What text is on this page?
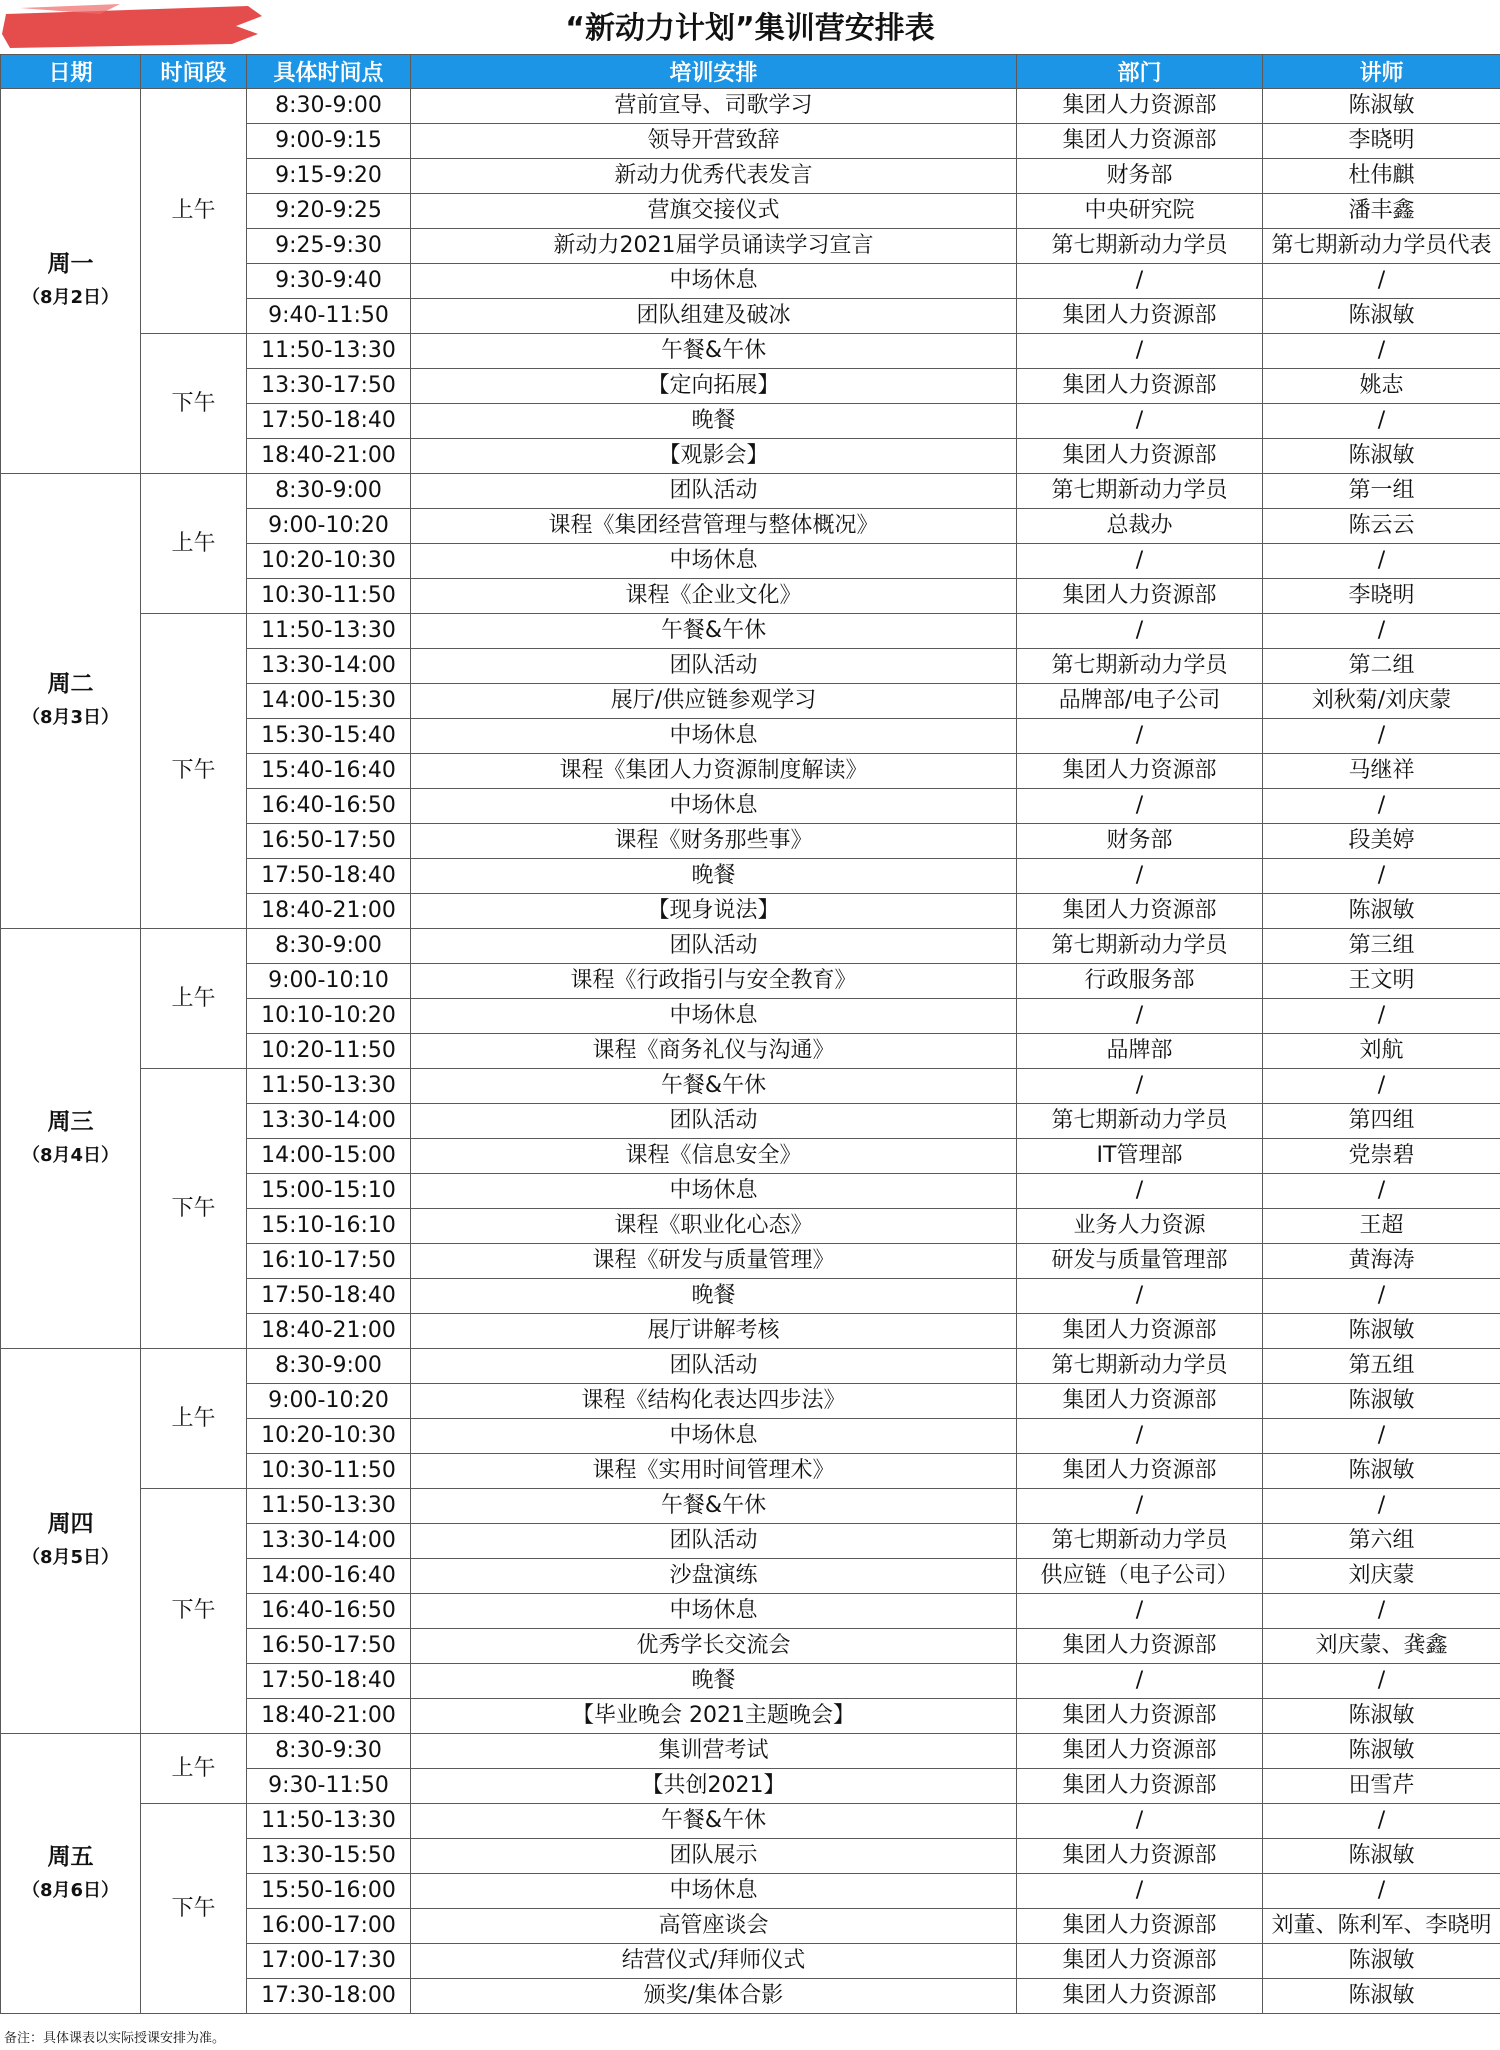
“新动力计划”集训营安排表
日期	时间段	具体时间点	培训安排	部门	讲师

周一
（8月2日）	上午	8:30-9:00	营前宣导、司歌学习	集团人力资源部	陈淑敏
		9:00-9:15	领导开营致辞	集团人力资源部	李晓明
		9:15-9:20	新动力优秀代表发言	财务部	杜伟麒
		9:20-9:25	营旗交接仪式	中央研究院	潘丰鑫
		9:25-9:30	新动力2021届学员诵读学习宣言	第七期新动力学员	第七期新动力学员代表
		9:30-9:40	中场休息	/	/
		9:40-11:50	团队组建及破冰	集团人力资源部	陈淑敏
	下午	11:50-13:30	午餐&午休	/	/
		13:30-17:50	【定向拓展】	集团人力资源部	姚志
		17:50-18:40	晚餐	/	/
		18:40-21:00	【观影会】	集团人力资源部	陈淑敏

周二
（8月3日）	上午	8:30-9:00	团队活动	第七期新动力学员	第一组
		9:00-10:20	课程《集团经营管理与整体概况》	总裁办	陈云云
		10:20-10:30	中场休息	/	/
		10:30-11:50	课程《企业文化》	集团人力资源部	李晓明
	下午	11:50-13:30	午餐&午休	/	/
		13:30-14:00	团队活动	第七期新动力学员	第二组
		14:00-15:30	展厅/供应链参观学习	品牌部/电子公司	刘秋菊/刘庆蒙
		15:30-15:40	中场休息	/	/
		15:40-16:40	课程《集团人力资源制度解读》	集团人力资源部	马继祥
		16:40-16:50	中场休息	/	/
		16:50-17:50	课程《财务那些事》	财务部	段美婷
		17:50-18:40	晚餐	/	/
		18:40-21:00	【现身说法】	集团人力资源部	陈淑敏

周三
（8月4日）	上午	8:30-9:00	团队活动	第七期新动力学员	第三组
		9:00-10:10	课程《行政指引与安全教育》	行政服务部	王文明
		10:10-10:20	中场休息	/	/
		10:20-11:50	课程《商务礼仪与沟通》	品牌部	刘航
	下午	11:50-13:30	午餐&午休	/	/
		13:30-14:00	团队活动	第七期新动力学员	第四组
		14:00-15:00	课程《信息安全》	IT管理部	党崇碧
		15:00-15:10	中场休息	/	/
		15:10-16:10	课程《职业化心态》	业务人力资源	王超
		16:10-17:50	课程《研发与质量管理》	研发与质量管理部	黄海涛
		17:50-18:40	晚餐	/	/
		18:40-21:00	展厅讲解考核	集团人力资源部	陈淑敏

周四
（8月5日）	上午	8:30-9:00	团队活动	第七期新动力学员	第五组
		9:00-10:20	课程《结构化表达四步法》	集团人力资源部	陈淑敏
		10:20-10:30	中场休息	/	/
		10:30-11:50	课程《实用时间管理术》	集团人力资源部	陈淑敏
	下午	11:50-13:30	午餐&午休	/	/
		13:30-14:00	团队活动	第七期新动力学员	第六组
		14:00-16:40	沙盘演练	供应链（电子公司）	刘庆蒙
		16:40-16:50	中场休息	/	/
		16:50-17:50	优秀学长交流会	集团人力资源部	刘庆蒙、龚鑫
		17:50-18:40	晚餐	/	/
		18:40-21:00	【毕业晚会 2021主题晚会】	集团人力资源部	陈淑敏

周五
（8月6日）	上午	8:30-9:30	集训营考试	集团人力资源部	陈淑敏
		9:30-11:50	【共创2021】	集团人力资源部	田雪芹
	下午	11:50-13:30	午餐&午休	/	/
		13:30-15:50	团队展示	集团人力资源部	陈淑敏
		15:50-16:00	中场休息	/	/
		16:00-17:00	高管座谈会	集团人力资源部	刘董、陈利军、李晓明
		17:00-17:30	结营仪式/拜师仪式	集团人力资源部	陈淑敏
		17:30-18:00	颁奖/集体合影	集团人力资源部	陈淑敏
备注：具体课表以实际授课安排为准。
